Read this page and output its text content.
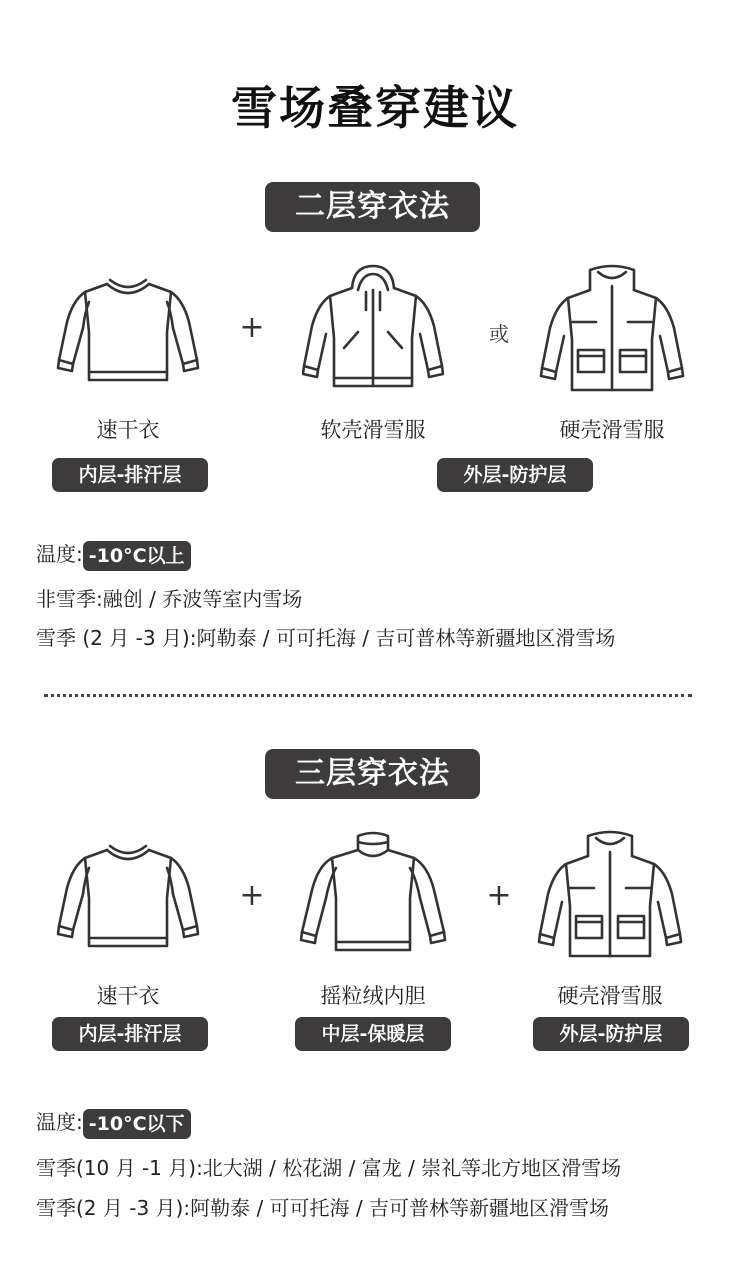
雪场叠穿建议
二层穿衣法
+	或
速干衣	软壳滑雪服	硬壳滑雪服
内层-排汗层	外层-防护层
温度: -10°C以上
非雪季:融创 / 乔波等室内雪场
雪季 (2 月 -3 月):阿勒泰 / 可可托海 / 吉可普林等新疆地区滑雪场
三层穿衣法
+	+
速干衣	摇粒绒内胆	硬壳滑雪服
内层-排汗层	中层-保暖层	外层-防护层
温度: -10°C以下
雪季(10 月 -1 月):北大湖 / 松花湖 / 富龙 / 崇礼等北方地区滑雪场
雪季(2 月 -3 月):阿勒泰 / 可可托海 / 吉可普林等新疆地区滑雪场
